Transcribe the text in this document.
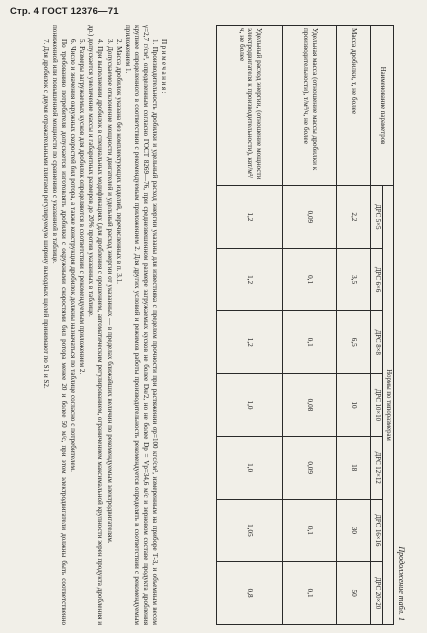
Стр. 4 ГОСТ 12376—71
Продолжение табл. 1
Наименование параметров	Нормы по типоразмерам						
	ДРС 5×5	ДРС 6×6	ДРС 8×8	ДРС 10×10	ДРС 12×12	ДРС 16×16	ДРС 20×20
Масса дробилки, т, не более	2,2	3,5	6,5	10	18	30	50
Удельная масса (отношение массы дробилки к производительности), т/м³/ч, не более	0,09	0,1	0,1	0,08	0,09	0,1	0,1
Удельный расход энергии, (отношение мощности электродвигателя к производительности), квт/м³/ч, не более	1,2	1,2	1,2	1,0	1,0	1,05	0,8

Примечания:

1. Производительность дробилки и удельный расход энергии указаны для известняка с пределом прочности при растяжении σр=100 кгс/см², измеренным на приборе Т-3, и объемным весом γ=2,7 г/см³, определенным согласно ГОСТ 8269—76, при среднезвешенном размере загружаемых кусков не более Dн/2, но не более Dр = Vр=34,6 м/с и зерновом составе продукта дробления крупнее определенного в соответствии с рекомендуемым приложением 2. Для других условий и режимов работы производительность рекомендуется определять в соответствии с рекомендуемым приложением 1.

2. Масса дробилок указана без комплектующих изделий, перечисленных в п. 3.1.

3. Допускаемое отклонение мощности двигателей и удельный расход энергии от указанных — в пределах ближайших величин по рекомендуемым электродвигателям.

4. При выполнении дробилок в специальных модификациях (для дробления с орошением, автоматическим регулированием, ограничением максимальной крупности зерен продукта дробления и др.) допускается увеличение массы и габаритных размеров до 20% против указанных в таблице.

5. Размеры загружаемых кусков для дробилок определяются в соответствии с рекомендуемым приложением 2.

6. Число и значения окружных скоростей бил ротора, а также конструкция дробилок должны назначаться по таблице согласно с потребителем.

По требованию потребителя допускается изготовлять дробилки с окружными скоростями бил ротора менее 20 и более 50 м/с, при этом электродвигатели должны быть соответственно пониженной или повышенной мощности по сравнению с указанной в таблице.

7. Для дробилок с двумя отражательными плитами регулируемую ширину выходных щелей принимают по S1 и S2.
